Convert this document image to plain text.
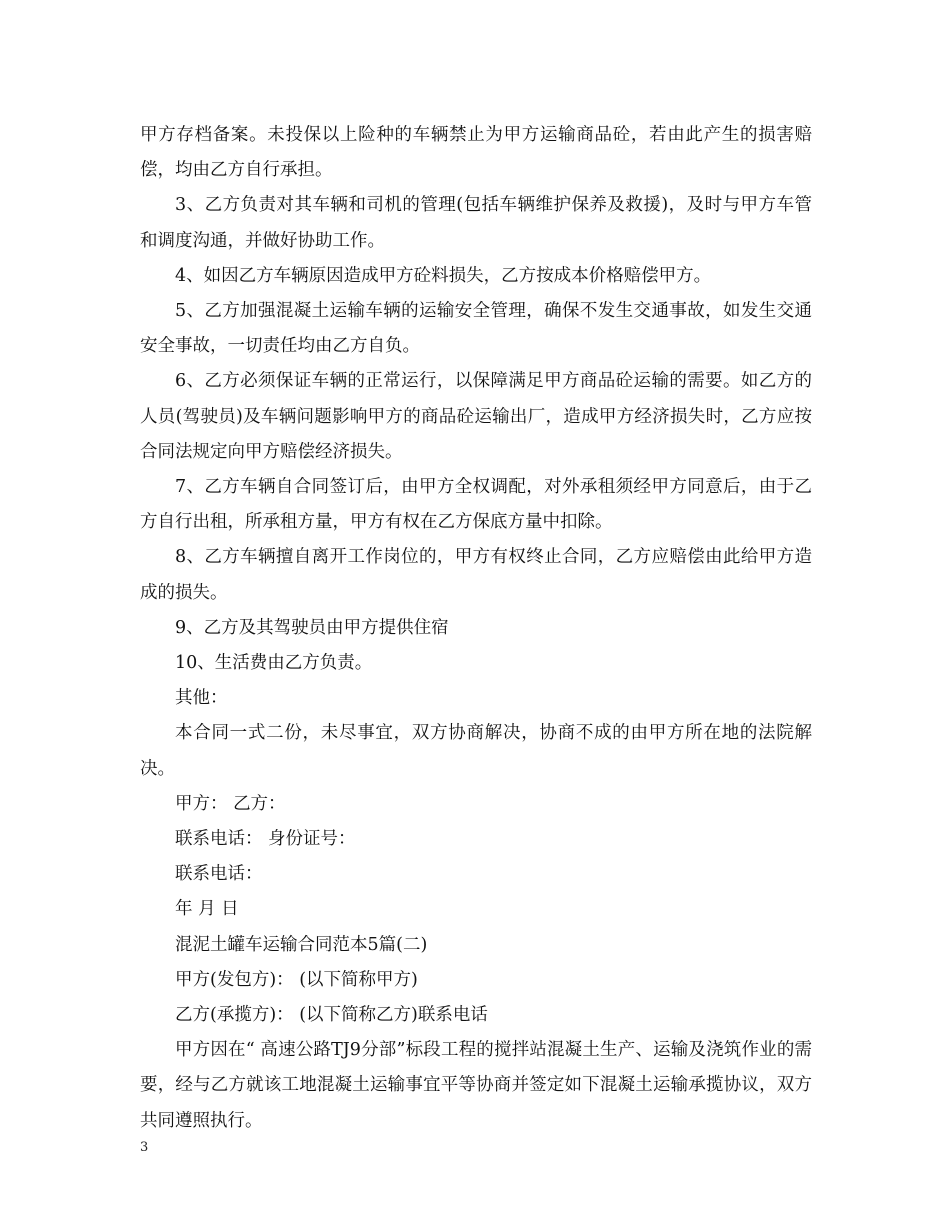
甲方存档备案。未投保以上险种的车辆禁止为甲方运输商品砼，若由此产生的损害赔偿，均由乙方自行承担。

3、乙方负责对其车辆和司机的管理(包括车辆维护保养及救援)，及时与甲方车管和调度沟通，并做好协助工作。

4、如因乙方车辆原因造成甲方砼料损失，乙方按成本价格赔偿甲方。

5、乙方加强混凝土运输车辆的运输安全管理，确保不发生交通事故，如发生交通安全事故，一切责任均由乙方自负。

6、乙方必须保证车辆的正常运行，以保障满足甲方商品砼运输的需要。如乙方的人员(驾驶员)及车辆问题影响甲方的商品砼运输出厂，造成甲方经济损失时，乙方应按合同法规定向甲方赔偿经济损失。

7、乙方车辆自合同签订后，由甲方全权调配，对外承租须经甲方同意后，由于乙方自行出租，所承租方量，甲方有权在乙方保底方量中扣除。

8、乙方车辆擅自离开工作岗位的，甲方有权终止合同，乙方应赔偿由此给甲方造成的损失。

9、乙方及其驾驶员由甲方提供住宿

10、生活费由乙方负责。

其他：

本合同一式二份，未尽事宜，双方协商解决，协商不成的由甲方所在地的法院解决。

甲方： 乙方：

联系电话： 身份证号：

联系电话：

年 月 日

混泥土罐车运输合同范本5篇(二)

甲方(发包方)： (以下简称甲方)

乙方(承揽方)： (以下简称乙方)联系电话

甲方因在“ 高速公路TJ9分部”标段工程的搅拌站混凝土生产、运输及浇筑作业的需要，经与乙方就该工地混凝土运输事宜平等协商并签定如下混凝土运输承揽协议，双方共同遵照执行。

3
